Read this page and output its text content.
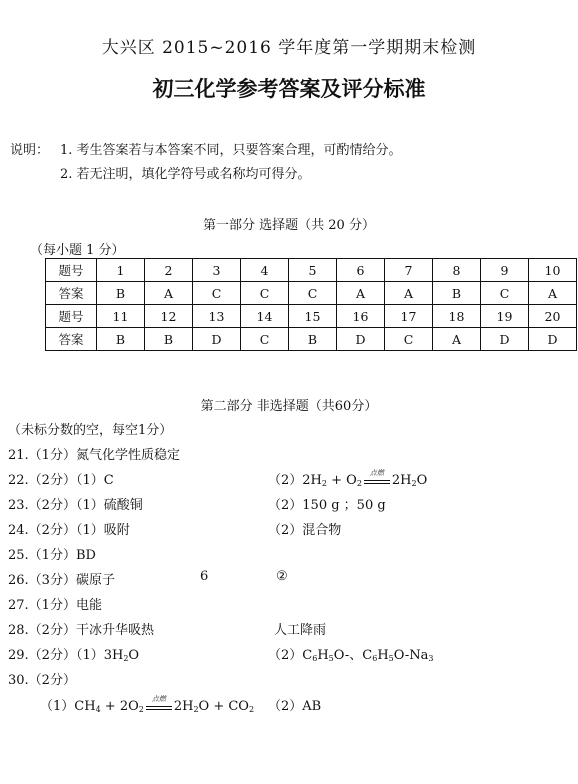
大兴区 2015~2016 学年度第一学期期末检测
初三化学参考答案及评分标准
说明： 1. 考生答案若与本答案不同，只要答案合理，可酌情给分。
2. 若无注明，填化学符号或名称均可得分。
第一部分 选择题（共 20 分）
（每小题 1 分）
题号	1	2	3	4	5	6	7	8	9	10
答案	B	A	C	C	C	A	A	B	C	A
题号	11	12	13	14	15	16	17	18	19	20
答案	B	B	D	C	B	D	C	A	D	D
第二部分 非选择题（共60分）
（未标分数的空，每空1分）
21.（1分）氮气化学性质稳定
22.（2分）（1）C	$(2)2H_2 + O_2$
点燃
$2H_2O$
23.（2分）（1）硫酸铜	（2）150 g ；50 g
24.（2分）（1）吸附	（2）混合物
25.（1分）BD
26.（3分）碳原子	6	②
27.（1分）电能
28.（2分）干冰升华吸热	人工降雨
29.（2分）$(1)3H_2O$	$(2)C_6H_5O-$、$C_6H_5O-Na_3$
30.（2分）
$(1)CH_4 + 2O_2$
点燃
$2H_2O + CO_2$ （2）AB
